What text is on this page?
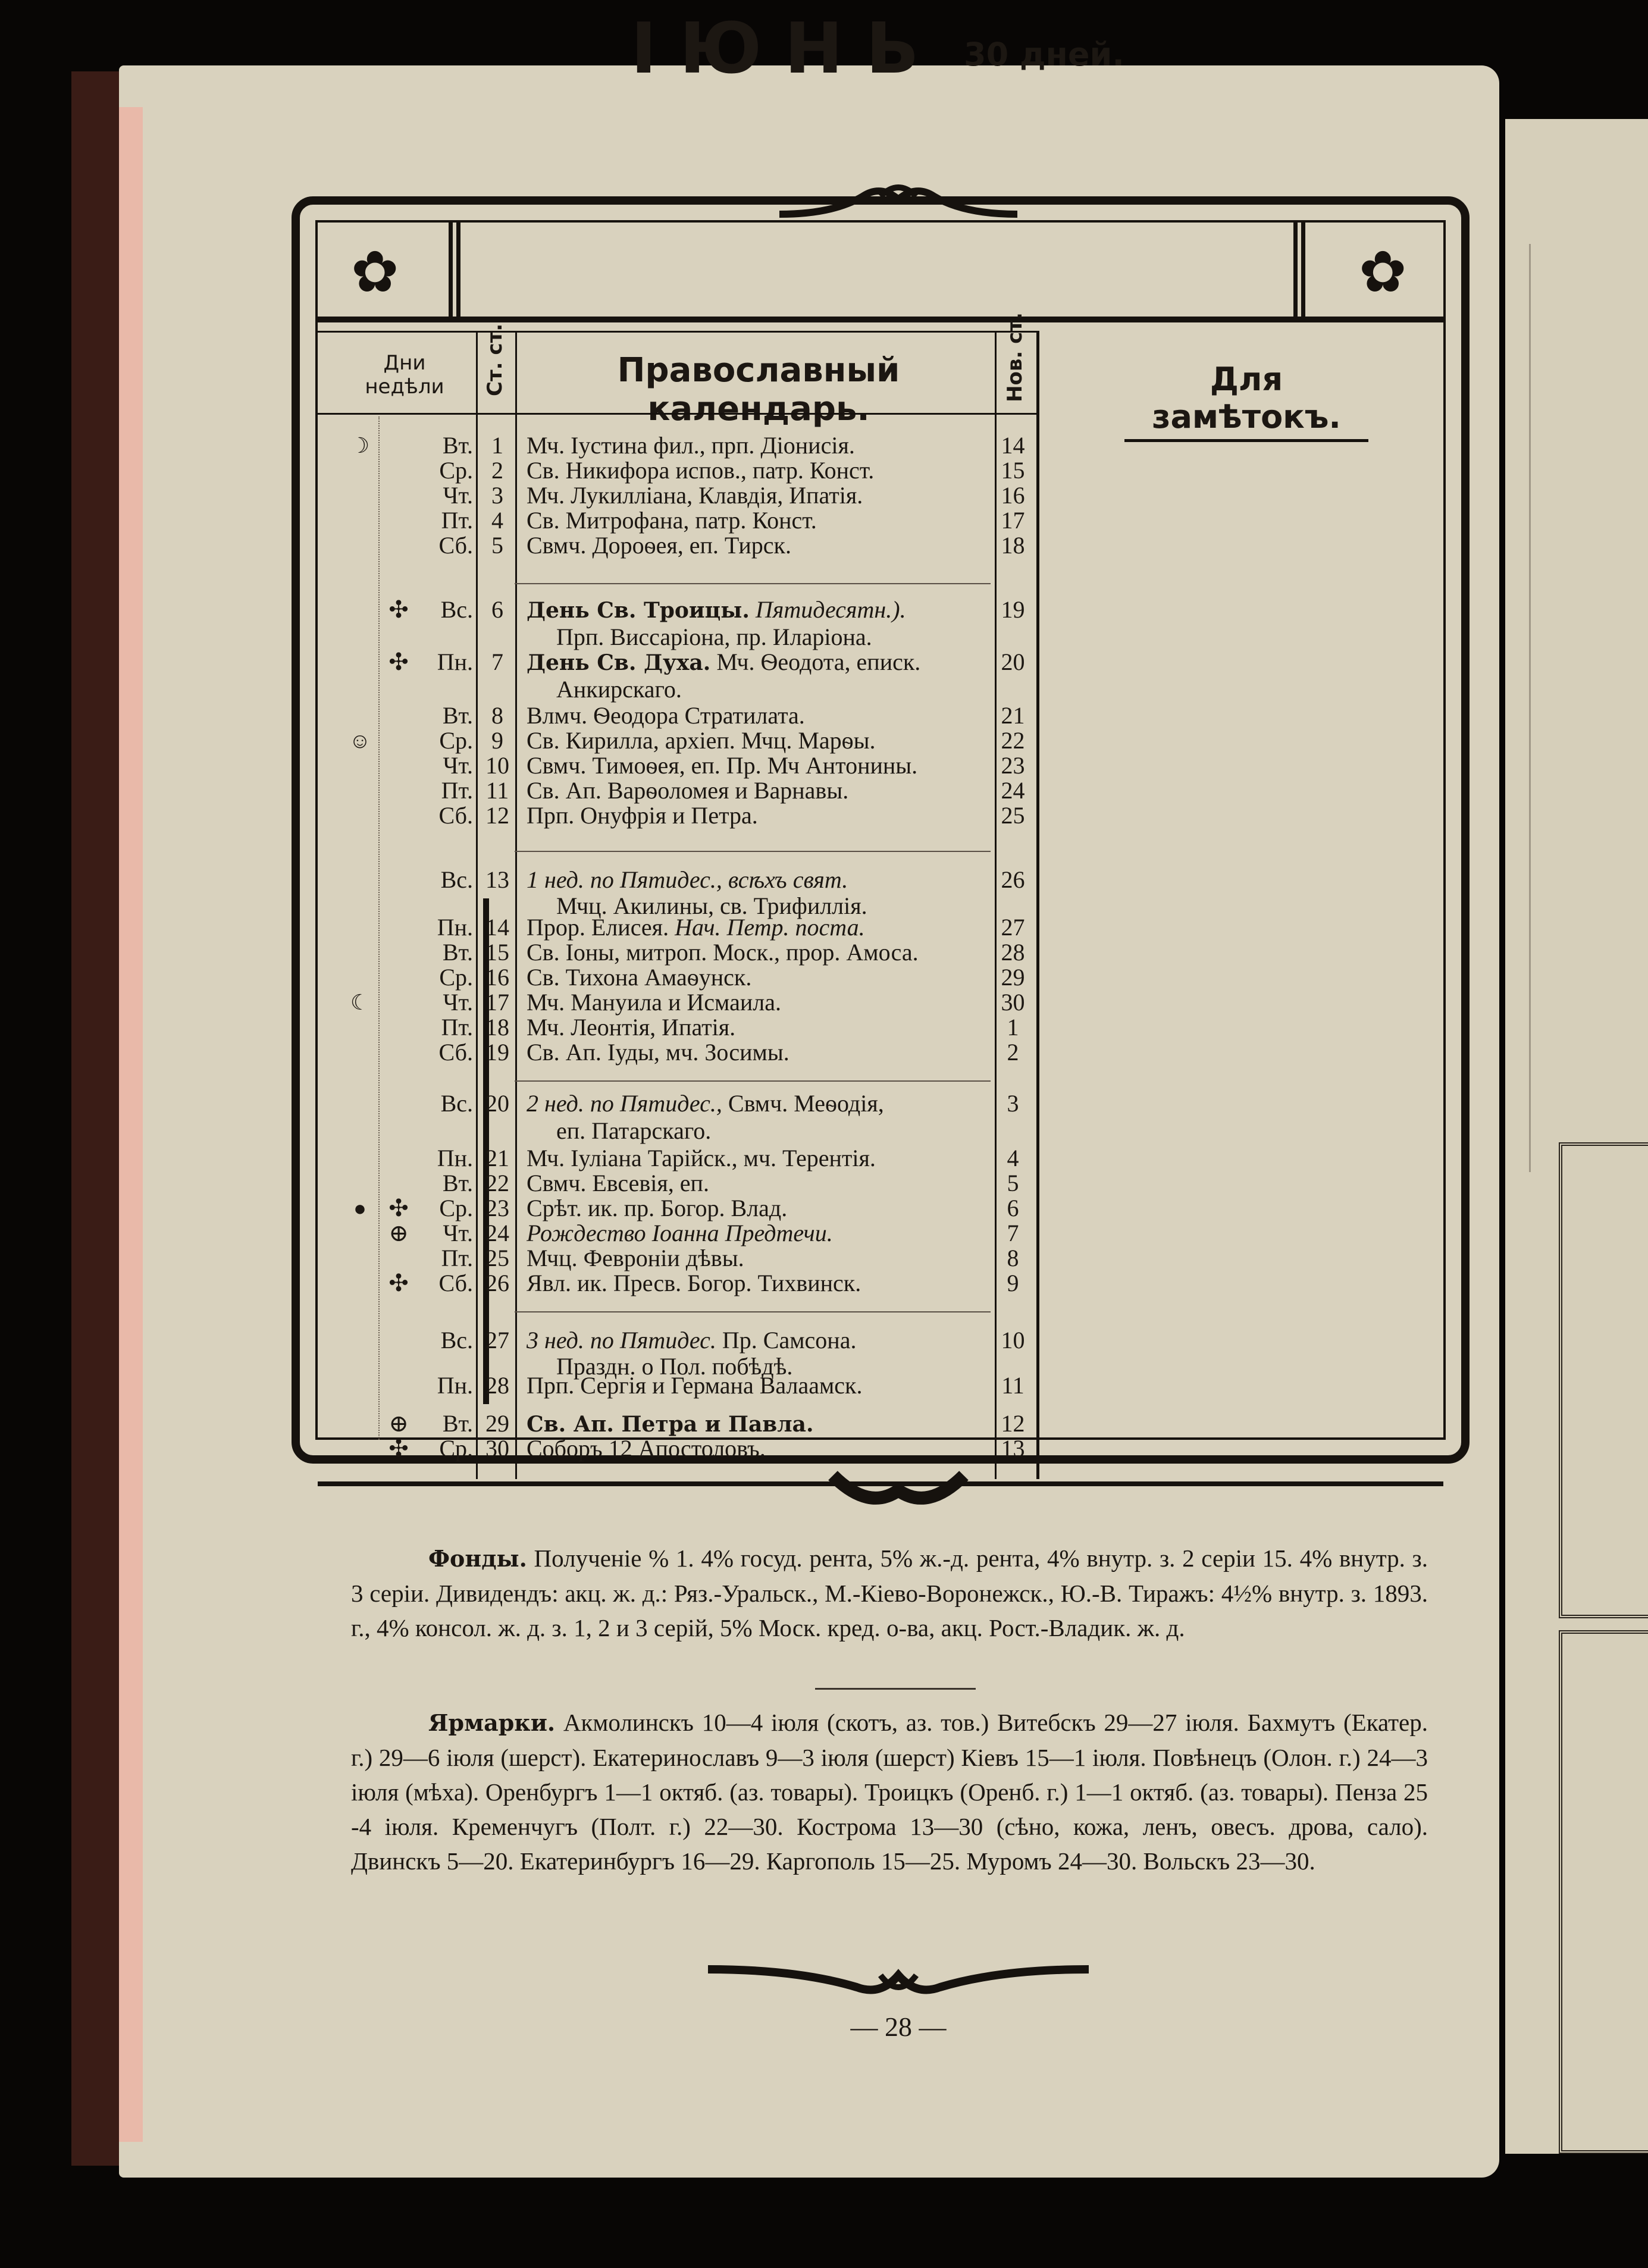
✿	✿
ІЮНЬ 30 дней.
Дни недѣли	Ст. ст.	Православный календарь.
Нов. ст.	Для замѣтокъ.
☽	Вт. 1 Мч. Іустина фил., прп. Діонисія.	14
Ср. 2 Св. Никифора испов., патр. Конст.	15
Чт. 3 Мч. Лукилліана, Клавдія, Ипатія.	16
Пт. 4 Св. Митрофана, патр. Конст.	17
Сб. 5 Свмч. Дороѳея, еп. Тирск.	18
✣	Вс. 6	День Св. Троицы. Пятидесятн.).	19
Прп. Виссаріона, пр. Иларіона.
✣	Пн. 7	День Св. Духа. Мч. Ѳеодота, еписк.	20
Анкирскаго.
Вт. 8 Влмч. Ѳеодора Стратилата.	21
☺	Ср. 9 Св. Кирилла, архіеп. Мчц. Марѳы.	22
Чт. 10 Свмч. Тимоѳея, еп. Пр. Мч Антонины.	23
Пт. 11 Св. Ап. Варѳоломея и Варнавы.	24
Сб. 12 Прп. Онуфрія и Петра.	25
Вс. 13 1 нед. по Пятидес., всѣхъ свят.	26
Мчц. Акилины, св. Трифиллія.
Пн. 14 Прор. Елисея. Нач. Петр. поста.	27
Вт. 15 Св. Іоны, митроп. Моск., прор. Амоса.	28
Ср. 16 Св. Тихона Амаѳунск.	29
☾	Чт. 17 Мч. Мануила и Исмаила.	30
Пт. 18 Мч. Леонтія, Ипатія.	1
Сб. 19 Св. Ап. Іуды, мч. Зосимы.	2
Вс. 20 2 нед. по Пятидес., Свмч. Меѳодія,	3
еп. Патарскаго.
Пн. 21 Мч. Іуліана Тарійск., мч. Терентія.	4
Вт. 22 Свмч. Евсевія, еп.	5
● ✣	Ср. 23 Срѣт. ик. пр. Богор. Влад.	6
⊕	Чт. 24 Рождество Іоанна Предтечи.	7
Пт. 25 Мчц. Февроніи дѣвы.	8
✣	Сб. 26 Явл. ик. Пресв. Богор. Тихвинск.	9
Вс. 27 3 нед. по Пятидес. Пр. Самсона.	10
Праздн. о Пол. побѣдѣ.
Пн. 28 Прп. Сергія и Германа Валаамск.	11
⊕	Вт. 29 Св. Ап. Петра и Павла.	12
✣	Ср. 30 Соборъ 12 Апостоловъ.	13
Фонды. Полученіе % 1. 4% госуд. рента, 5% ж.-д. рента, 4% внутр. з. 2 серіи 15. 4% внутр. з. 3 серіи. Дивидендъ: акц. ж. д.: Ряз.-Уральск., М.-Кіево-Воронежск., Ю.-В. Тиражъ: 4½% внутр. з. 1893. г., 4% консол. ж. д. з. 1, 2 и 3 серій, 5% Моск. кред. о-ва, акц. Рост.-Владик. ж. д.
Ярмарки. Акмолинскъ 10—4 іюля (скотъ, аз. тов.) Витебскъ 29—27 іюля. Бахмутъ (Екатер. г.) 29—6 іюля (шерст). Екатеринославъ 9—3 іюля (шерст) Кіевъ 15—1 іюля. Повѣнецъ (Олон. г.) 24—3 іюля (мѣха). Оренбургъ 1—1 октяб. (аз. товары). Троицкъ (Оренб. г.) 1—1 октяб. (аз. товары). Пенза 25 -4 іюля. Кременчугъ (Полт. г.) 22—30. Кострома 13—30 (сѣно, кожа, ленъ, овесъ. дрова, сало). Двинскъ 5—20. Екатеринбургъ 16—29. Каргополь 15—25. Муромъ 24—30. Вольскъ 23—30.
— 28 —
